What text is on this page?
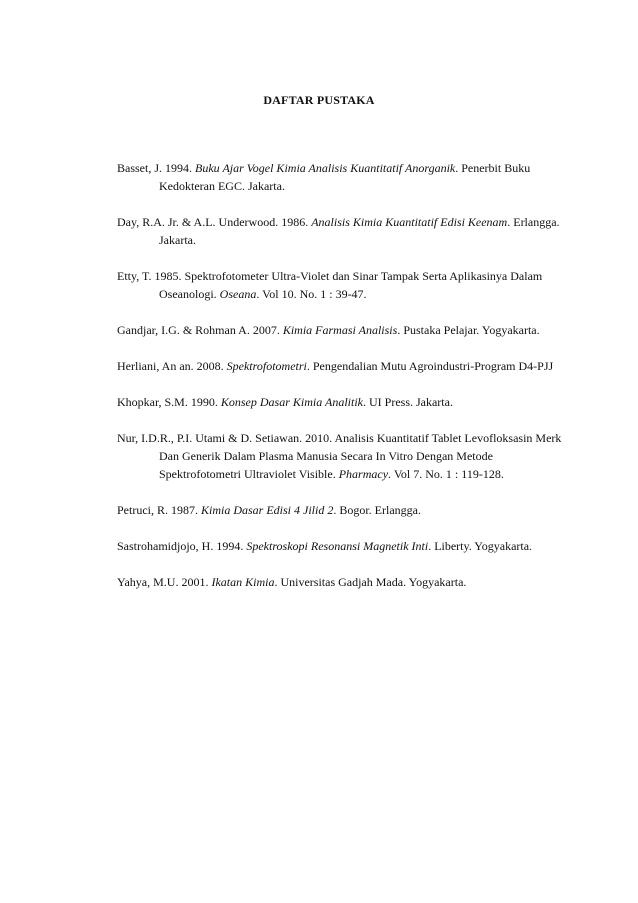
DAFTAR PUSTAKA

Basset, J. 1994. Buku Ajar Vogel Kimia Analisis Kuantitatif Anorganik. Penerbit Buku Kedokteran EGC. Jakarta.

Day, R.A. Jr. & A.L. Underwood. 1986. Analisis Kimia Kuantitatif Edisi Keenam. Erlangga. Jakarta.

Etty, T. 1985. Spektrofotometer Ultra-Violet dan Sinar Tampak Serta Aplikasinya Dalam Oseanologi. Oseana. Vol 10. No. 1 : 39-47.

Gandjar, I.G. & Rohman A. 2007. Kimia Farmasi Analisis. Pustaka Pelajar. Yogyakarta.

Herliani, An an. 2008. Spektrofotometri. Pengendalian Mutu Agroindustri-Program D4-PJJ

Khopkar, S.M. 1990. Konsep Dasar Kimia Analitik. UI Press. Jakarta.

Nur, I.D.R., P.I. Utami & D. Setiawan. 2010. Analisis Kuantitatif Tablet Levofloksasin Merk Dan Generik Dalam Plasma Manusia Secara In Vitro Dengan Metode Spektrofotometri Ultraviolet Visible. Pharmacy. Vol 7. No. 1 : 119-128.

Petruci, R. 1987. Kimia Dasar Edisi 4 Jilid 2. Bogor. Erlangga.

Sastrohamidjojo, H. 1994. Spektroskopi Resonansi Magnetik Inti. Liberty. Yogyakarta.

Yahya, M.U. 2001. Ikatan Kimia. Universitas Gadjah Mada. Yogyakarta.
